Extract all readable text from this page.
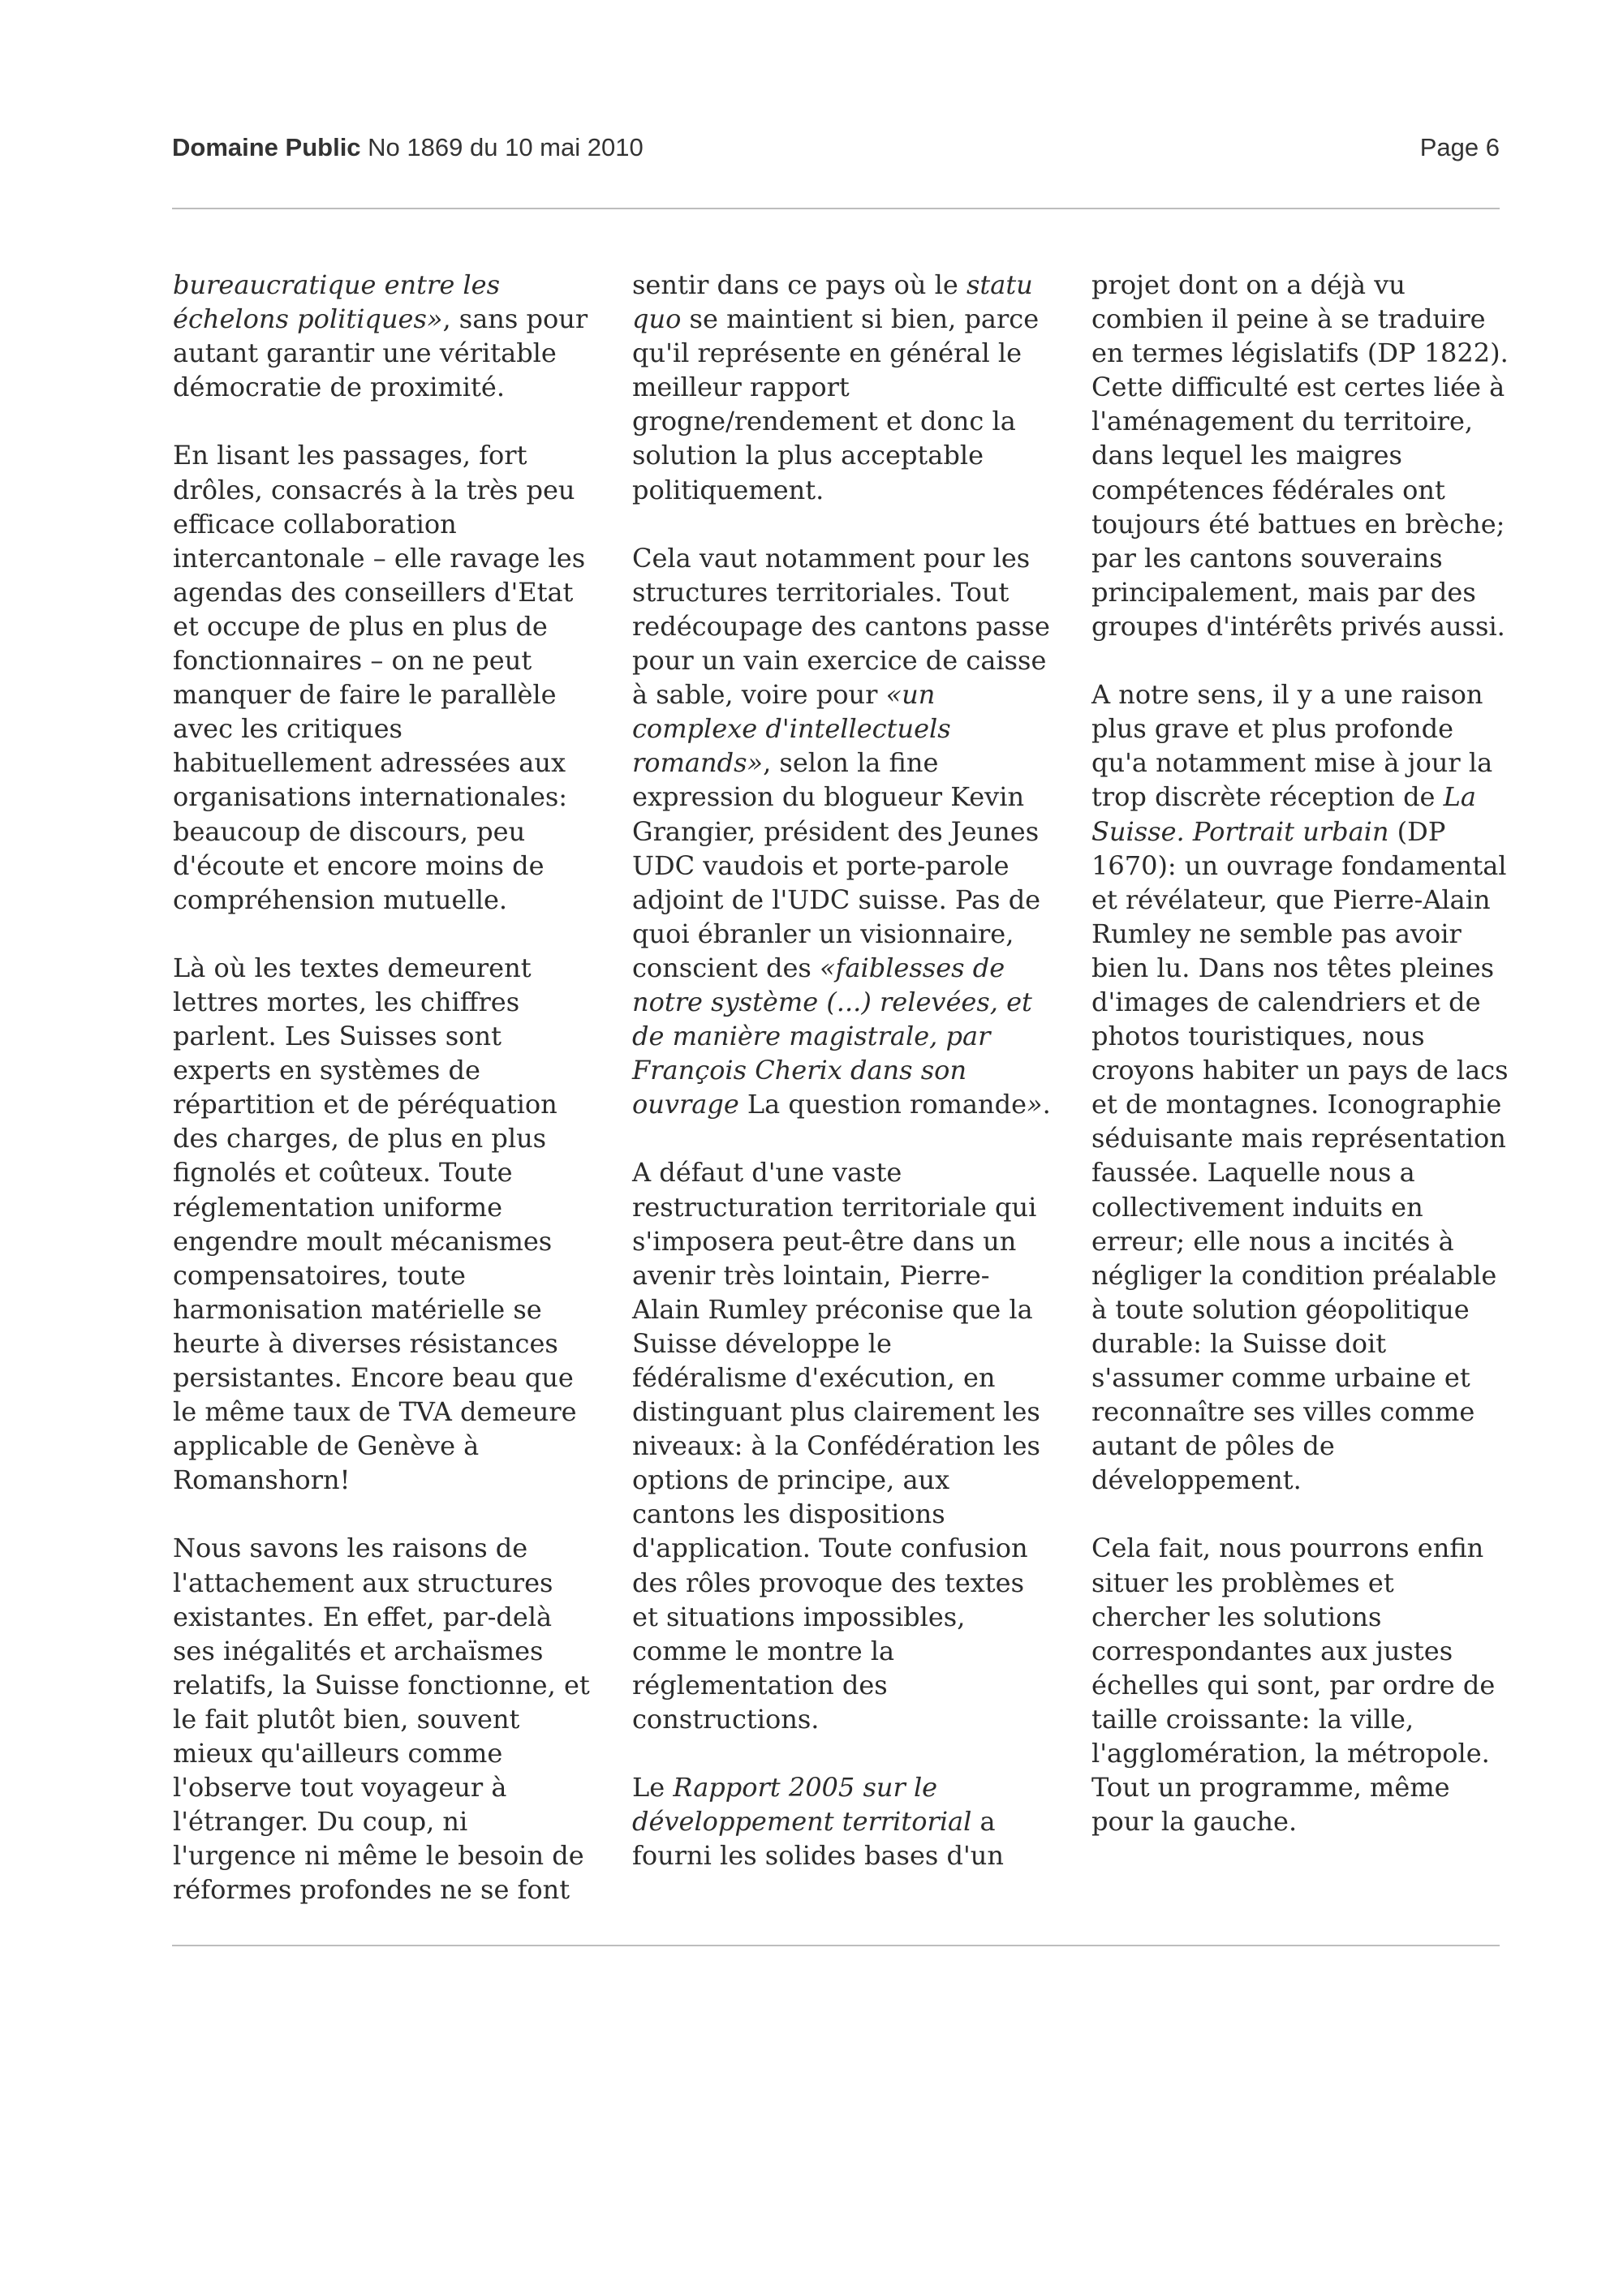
Domaine Public No 1869 du 10 mai 2010	Page 6

bureaucratique entre les échelons politiques», sans pour autant garantir une véritable démocratie de proximité.

En lisant les passages, fort drôles, consacrés à la très peu efficace collaboration intercantonale – elle ravage les agendas des conseillers d'Etat et occupe de plus en plus de fonctionnaires – on ne peut manquer de faire le parallèle avec les critiques habituellement adressées aux organisations internationales: beaucoup de discours, peu d'écoute et encore moins de compréhension mutuelle.

Là où les textes demeurent lettres mortes, les chiffres parlent. Les Suisses sont experts en systèmes de répartition et de péréquation des charges, de plus en plus fignolés et coûteux. Toute réglementation uniforme engendre moult mécanismes compensatoires, toute harmonisation matérielle se heurte à diverses résistances persistantes. Encore beau que le même taux de TVA demeure applicable de Genève à Romanshorn!

Nous savons les raisons de l'attachement aux structures existantes. En effet, par-delà ses inégalités et archaïsmes relatifs, la Suisse fonctionne, et le fait plutôt bien, souvent mieux qu'ailleurs comme l'observe tout voyageur à l'étranger. Du coup, ni l'urgence ni même le besoin de réformes profondes ne se font

sentir dans ce pays où le statu quo se maintient si bien, parce qu'il représente en général le meilleur rapport grogne/rendement et donc la solution la plus acceptable politiquement.

Cela vaut notamment pour les structures territoriales. Tout redécoupage des cantons passe pour un vain exercice de caisse à sable, voire pour «un complexe d'intellectuels romands», selon la fine expression du blogueur Kevin Grangier, président des Jeunes UDC vaudois et porte-parole adjoint de l'UDC suisse. Pas de quoi ébranler un visionnaire, conscient des «faiblesses de notre système (...) relevées, et de manière magistrale, par François Cherix dans son ouvrage La question romande».

A défaut d'une vaste restructuration territoriale qui s'imposera peut-être dans un avenir très lointain, Pierre-Alain Rumley préconise que la Suisse développe le fédéralisme d'exécution, en distinguant plus clairement les niveaux: à la Confédération les options de principe, aux cantons les dispositions d'application. Toute confusion des rôles provoque des textes et situations impossibles, comme le montre la réglementation des constructions.

Le Rapport 2005 sur le développement territorial a fourni les solides bases d'un

projet dont on a déjà vu combien il peine à se traduire en termes législatifs (DP 1822). Cette difficulté est certes liée à l'aménagement du territoire, dans lequel les maigres compétences fédérales ont toujours été battues en brèche; par les cantons souverains principalement, mais par des groupes d'intérêts privés aussi.

A notre sens, il y a une raison plus grave et plus profonde qu'a notamment mise à jour la trop discrète réception de La Suisse. Portrait urbain (DP 1670): un ouvrage fondamental et révélateur, que Pierre-Alain Rumley ne semble pas avoir bien lu. Dans nos têtes pleines d'images de calendriers et de photos touristiques, nous croyons habiter un pays de lacs et de montagnes. Iconographie séduisante mais représentation faussée. Laquelle nous a collectivement induits en erreur; elle nous a incités à négliger la condition préalable à toute solution géopolitique durable: la Suisse doit s'assumer comme urbaine et reconnaître ses villes comme autant de pôles de développement.

Cela fait, nous pourrons enfin situer les problèmes et chercher les solutions correspondantes aux justes échelles qui sont, par ordre de taille croissante: la ville, l'agglomération, la métropole. Tout un programme, même pour la gauche.
